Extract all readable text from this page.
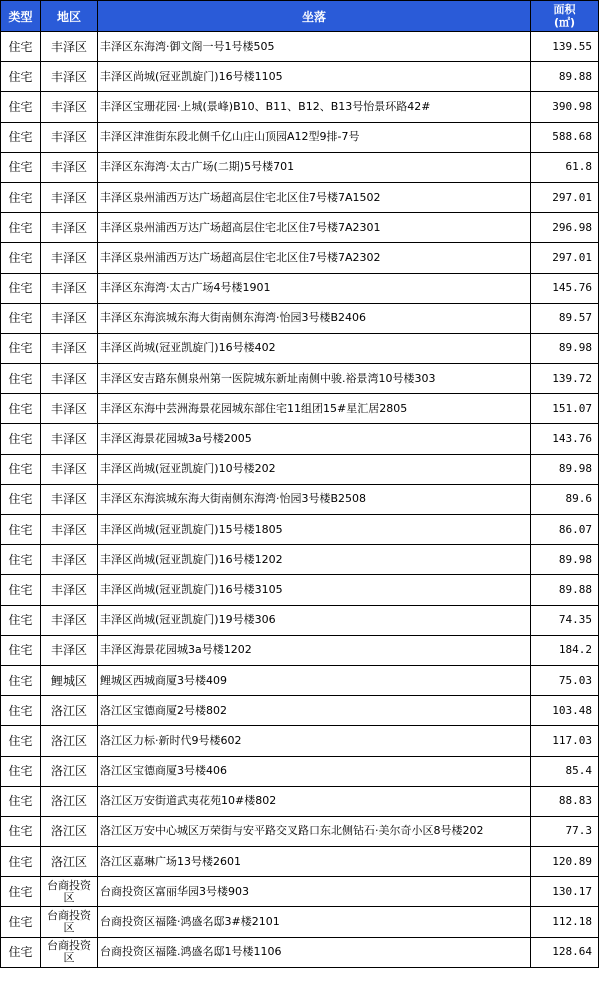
类型	地区	坐落	面积
(㎡)

住宅	丰泽区	丰泽区东海湾·御文阁一号1号楼505	139.55
住宅	丰泽区	丰泽区尚城(冠亚凯旋门)16号楼1105	89.88
住宅	丰泽区	丰泽区宝珊花园·上城(景峰)B10、B11、B12、B13号怡景环路42#	390.98
住宅	丰泽区	丰泽区津淮街东段北侧千亿山庄山顶园A12型9排-7号	588.68
住宅	丰泽区	丰泽区东海湾·太古广场(二期)5号楼701	61.8
住宅	丰泽区	丰泽区泉州浦西万达广场超高层住宅北区住7号楼7A1502	297.01
住宅	丰泽区	丰泽区泉州浦西万达广场超高层住宅北区住7号楼7A2301	296.98
住宅	丰泽区	丰泽区泉州浦西万达广场超高层住宅北区住7号楼7A2302	297.01
住宅	丰泽区	丰泽区东海湾·太古广场4号楼1901	145.76
住宅	丰泽区	丰泽区东海滨城东海大街南侧东海湾·怡园3号楼B2406	89.57
住宅	丰泽区	丰泽区尚城(冠亚凯旋门)16号楼402	89.98
住宅	丰泽区	丰泽区安吉路东侧泉州第一医院城东新址南侧中骏.裕景湾10号楼303	139.72
住宅	丰泽区	丰泽区东海中芸洲海景花园城东部住宅11组团15#星汇居2805	151.07
住宅	丰泽区	丰泽区海景花园城3a号楼2005	143.76
住宅	丰泽区	丰泽区尚城(冠亚凯旋门)10号楼202	89.98
住宅	丰泽区	丰泽区东海滨城东海大街南侧东海湾·怡园3号楼B2508	89.6
住宅	丰泽区	丰泽区尚城(冠亚凯旋门)15号楼1805	86.07
住宅	丰泽区	丰泽区尚城(冠亚凯旋门)16号楼1202	89.98
住宅	丰泽区	丰泽区尚城(冠亚凯旋门)16号楼3105	89.88
住宅	丰泽区	丰泽区尚城(冠亚凯旋门)19号楼306	74.35
住宅	丰泽区	丰泽区海景花园城3a号楼1202	184.2
住宅	鲤城区	鲤城区西城商厦3号楼409	75.03
住宅	洛江区	洛江区宝德商厦2号楼802	103.48
住宅	洛江区	洛江区力标·新时代9号楼602	117.03
住宅	洛江区	洛江区宝德商厦3号楼406	85.4
住宅	洛江区	洛江区万安街道武夷花苑10#楼802	88.83
住宅	洛江区	洛江区万安中心城区万荣街与安平路交叉路口东北侧钻石·美尔奇小区8号楼202	77.3
住宅	洛江区	洛江区嘉琳广场13号楼2601	120.89
住宅	台商投资区	台商投资区富丽华园3号楼903	130.17
住宅	台商投资区	台商投资区福隆·鸿盛名邸3#楼2101	112.18
住宅	台商投资区	台商投资区福隆.鸿盛名邸1号楼1106	128.64
